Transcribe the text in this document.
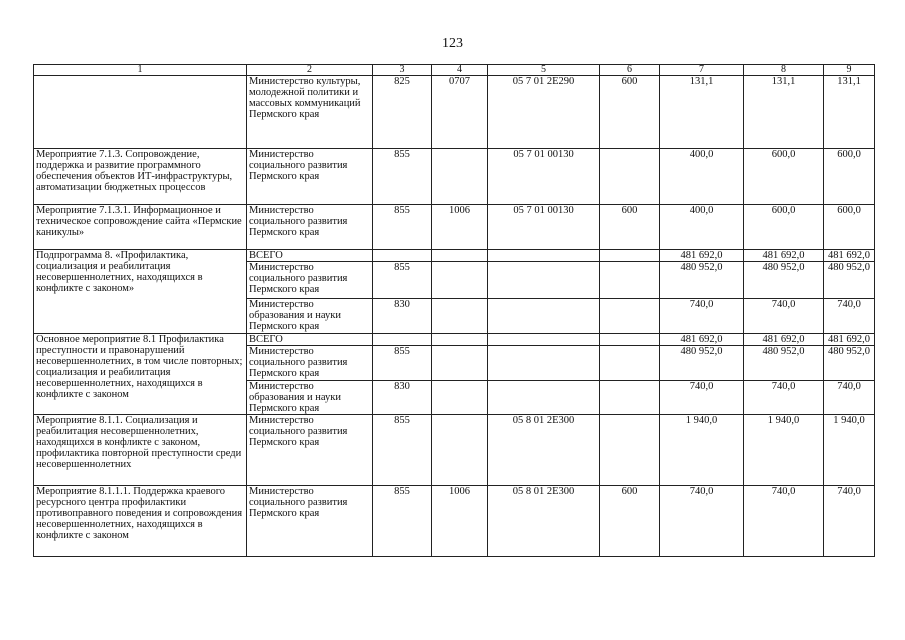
123
1	2	3	4	5	6	7	8	9
	Министерство культуры, молодежной политики и массовых коммуникаций Пермского края	825	0707	05 7 01 2Е290	600	131,1	131,1	131,1
Мероприятие 7.1.3. Сопровождение, поддержка и развитие программного обеспечения объектов ИТ-инфраструктуры, автоматизации бюджетных процессов	Министерство социального развития Пермского края	855		05 7 01 00130		400,0	600,0	600,0
Мероприятие 7.1.3.1. Информационное и техническое сопровождение сайта «Пермские каникулы»	Министерство социального развития Пермского края	855	1006	05 7 01 00130	600	400,0	600,0	600,0
Подпрограмма 8. «Профилактика, социализация и реабилитация несовершеннолетних, находящихся в конфликте с законом»	ВСЕГО					481 692,0	481 692,0	481 692,0
	Министерство социального развития Пермского края	855				480 952,0	480 952,0	480 952,0
	Министерство образования и науки Пермского края	830				740,0	740,0	740,0
Основное мероприятие 8.1 Профилактика преступности и правонарушений несовершеннолетних, в том числе повторных; социализация и реабилитация несовершеннолетних, находящихся в конфликте с законом	ВСЕГО					481 692,0	481 692,0	481 692,0
	Министерство социального развития Пермского края	855				480 952,0	480 952,0	480 952,0
	Министерство образования и науки Пермского края	830				740,0	740,0	740,0
Мероприятие 8.1.1. Социализация и реабилитация несовершеннолетних, находящихся в конфликте с законом, профилактика повторной преступности среди несовершеннолетних	Министерство социального развития Пермского края	855		05 8 01 2Е300		1 940,0	1 940,0	1 940,0
Мероприятие 8.1.1.1. Поддержка краевого ресурсного центра профилактики противоправного поведения и сопровождения несовершеннолетних, находящихся в конфликте с законом	Министерство социального развития Пермского края	855	1006	05 8 01 2Е300	600	740,0	740,0	740,0
